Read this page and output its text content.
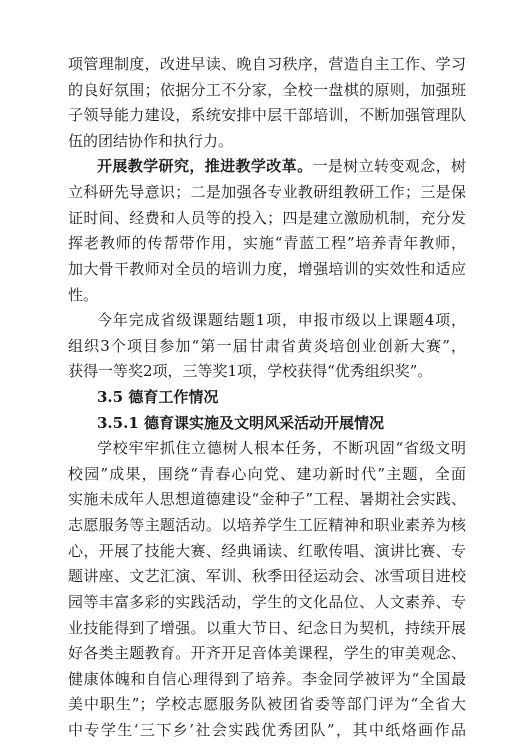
项管理制度，改进早读、晚自习秩序，营造自主工作、学习
的良好氛围；依据分工不分家，全校一盘棋的原则，加强班
子领导能力建设，系统安排中层干部培训，不断加强管理队
伍的团结协作和执行力。
开展教学研究，推进教学改革。一是树立转变观念，树
立科研先导意识；二是加强各专业教研组教研工作；三是保
证时间、经费和人员等的投入；四是建立激励机制，充分发
挥老教师的传帮带作用，实施“青蓝工程”培养青年教师，
加大骨干教师对全员的培训力度，增强培训的实效性和适应
性。
今年完成省级课题结题1项，申报市级以上课题4项，
组织3个项目参加“第一届甘肃省黄炎培创业创新大赛”，
获得一等奖2项，三等奖1项，学校获得“优秀组织奖”。
3.5 德育工作情况
3.5.1 德育课实施及文明风采活动开展情况
学校牢牢抓住立德树人根本任务，不断巩固“省级文明
校园”成果，围绕“青春心向党、建功新时代”主题，全面
实施未成年人思想道德建设“金种子”工程、暑期社会实践、
志愿服务等主题活动。以培养学生工匠精神和职业素养为核
心，开展了技能大赛、经典诵读、红歌传唱、演讲比赛、专
题讲座、文艺汇演、军训、秋季田径运动会、冰雪项目进校
园等丰富多彩的实践活动，学生的文化品位、人文素养、专
业技能得到了增强。以重大节日、纪念日为契机，持续开展
好各类主题教育。开齐开足音体美课程，学生的审美观念、
健康体魄和自信心理得到了培养。李金同学被评为“全国最
美中职生”；学校志愿服务队被团省委等部门评为“全省大
中专学生‘三下乡’社会实践优秀团队”，其中纸烙画作品
